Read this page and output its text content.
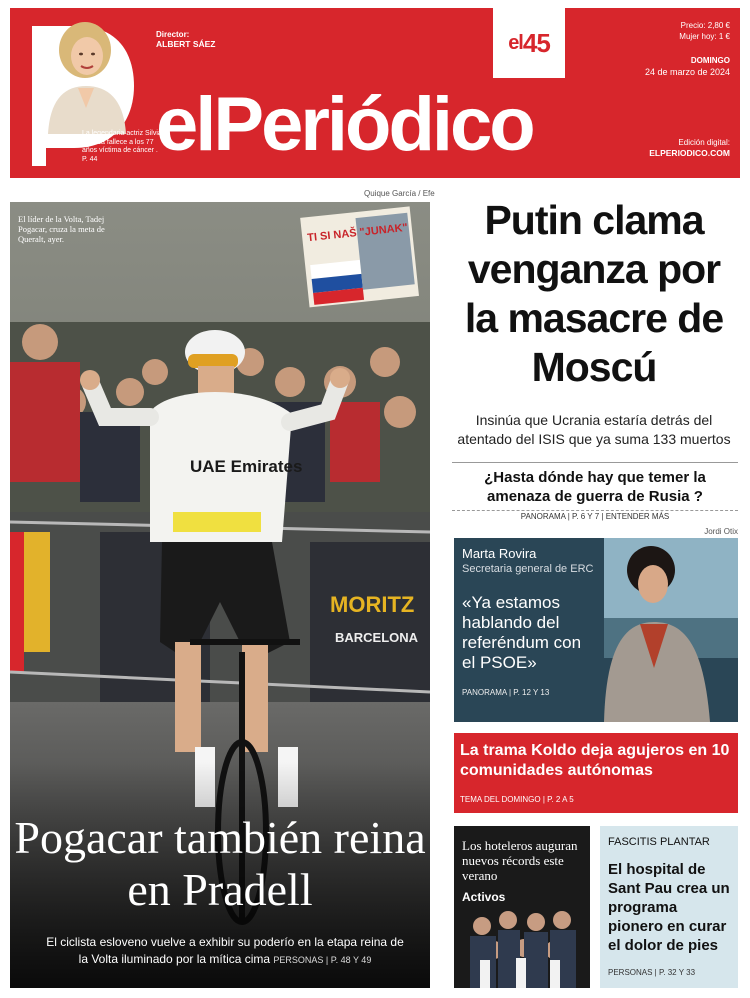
La legendaria actriz Silvia Tortosa fallece a los 77 años víctima de cáncer . P. 44
Director:
ALBERT SÁEZ	el 45
elPeriódico
Precio: 2,80 €
Mujer hoy: 1 €
DOMINGO
24 de marzo de 2024
Edición digital:
ELPERIODICO.COM
Quique García / Efe
TI SI NAŠ "JUNAK"
MORITZ
BARCELONA
UAE Emirates
El líder de la Volta, Tadej Pogacar, cruza la meta de Queralt, ayer.
Pogacar también reina en Pradell
El ciclista esloveno vuelve a exhibir su poderío en la etapa reina de la Volta iluminado por la mítica cima PERSONAS | P. 48 Y 49
Putin clama venganza por la masacre de Moscú
Insinúa que Ucrania estaría detrás del atentado del ISIS que ya suma 133 muertos
¿Hasta dónde hay que temer la amenaza de guerra de Rusia ?
PANORAMA | P. 6 Y 7 | ENTENDER MÁS
Jordi Otix
Marta Rovira
Secretaria general de ERC
«Ya estamos hablando del referéndum con el PSOE»
PANORAMA | P. 12 Y 13
La trama Koldo deja agujeros en 10 comunidades autónomas
TEMA DEL DOMINGO | P. 2 A 5
Los hoteleros auguran nuevos récords este verano
Activos
FASCITIS PLANTAR
El hospital de Sant Pau crea un programa pionero en curar el dolor de pies
PERSONAS | P. 32 Y 33
